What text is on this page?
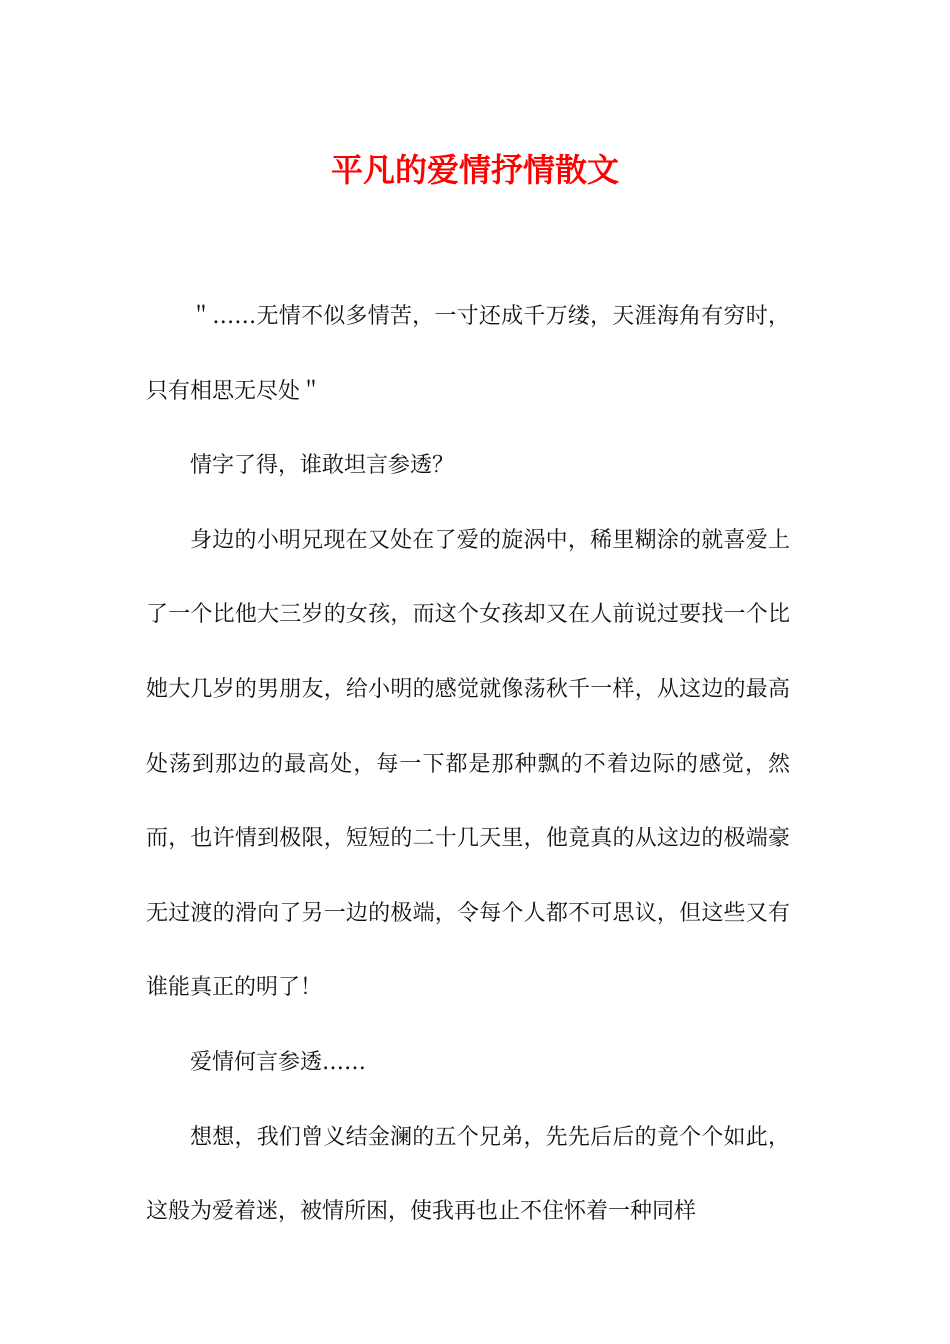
平凡的爱情抒情散文

＂……无情不似多情苦，一寸还成千万缕，天涯海角有穷时，只有相思无尽处＂

情字了得，谁敢坦言参透？

身边的小明兄现在又处在了爱的旋涡中，稀里糊涂的就喜爱上了一个比他大三岁的女孩，而这个女孩却又在人前说过要找一个比她大几岁的男朋友，给小明的感觉就像荡秋千一样，从这边的最高处荡到那边的最高处，每一下都是那种飘的不着边际的感觉，然而，也许情到极限，短短的二十几天里，他竟真的从这边的极端豪无过渡的滑向了另一边的极端，令每个人都不可思议，但这些又有谁能真正的明了！

爱情何言参透……

想想，我们曾义结金澜的五个兄弟，先先后后的竟个个如此，这般为爱着迷，被情所困，使我再也止不住怀着一种同样
